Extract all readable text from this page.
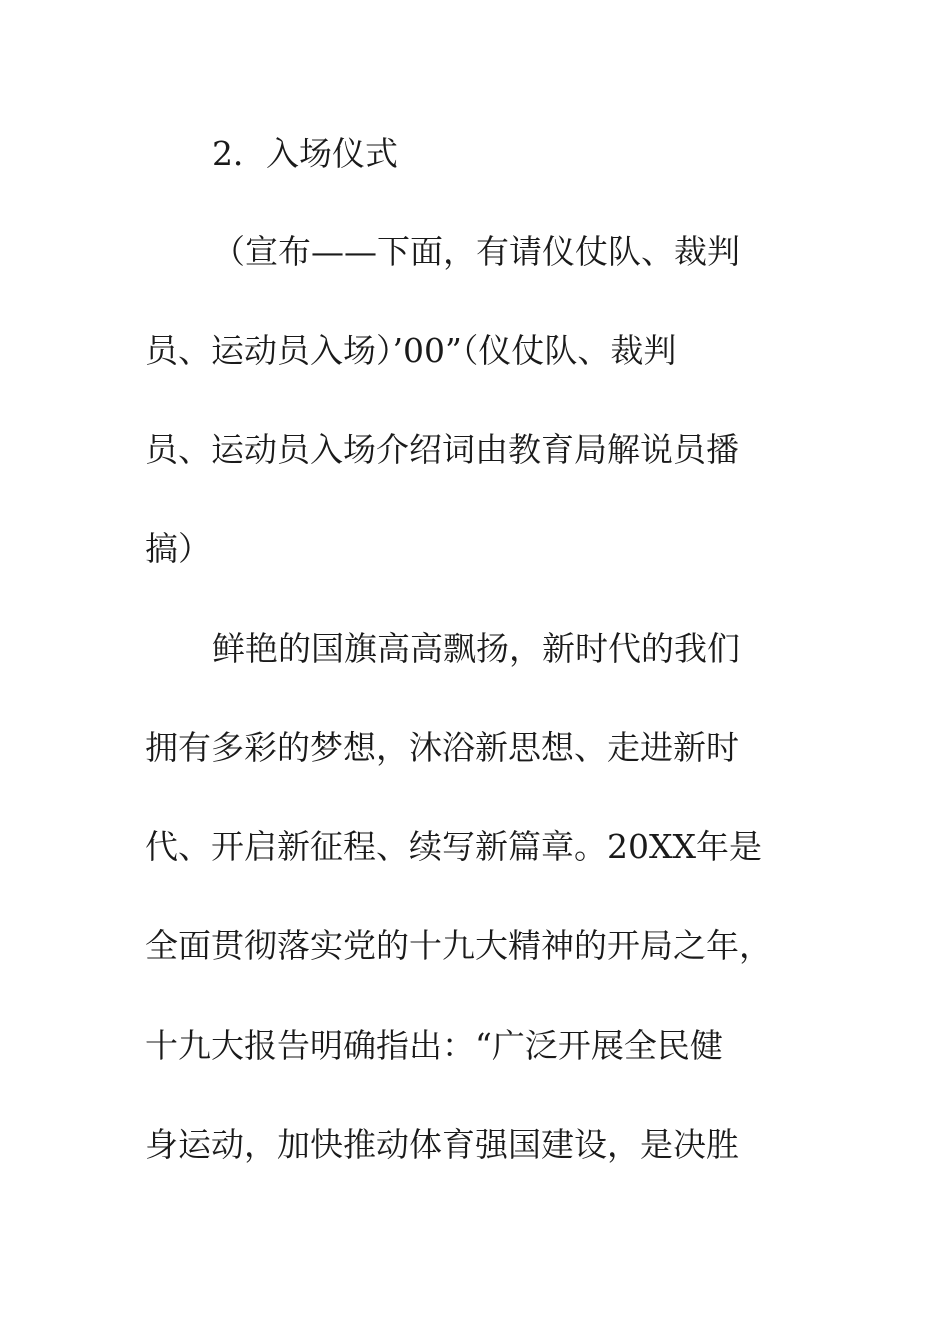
2．入场仪式
（宣布——下面，有请仪仗队、裁判
员、运动员入场）’00”（仪仗队、裁判
员、运动员入场介绍词由教育局解说员播
搞）
鲜艳的国旗高高飘扬，新时代的我们
拥有多彩的梦想，沐浴新思想、走进新时
代、开启新征程、续写新篇章。20XX年是
全面贯彻落实党的十九大精神的开局之年，
十九大报告明确指出：“广泛开展全民健
身运动，加快推动体育强国建设，是决胜
